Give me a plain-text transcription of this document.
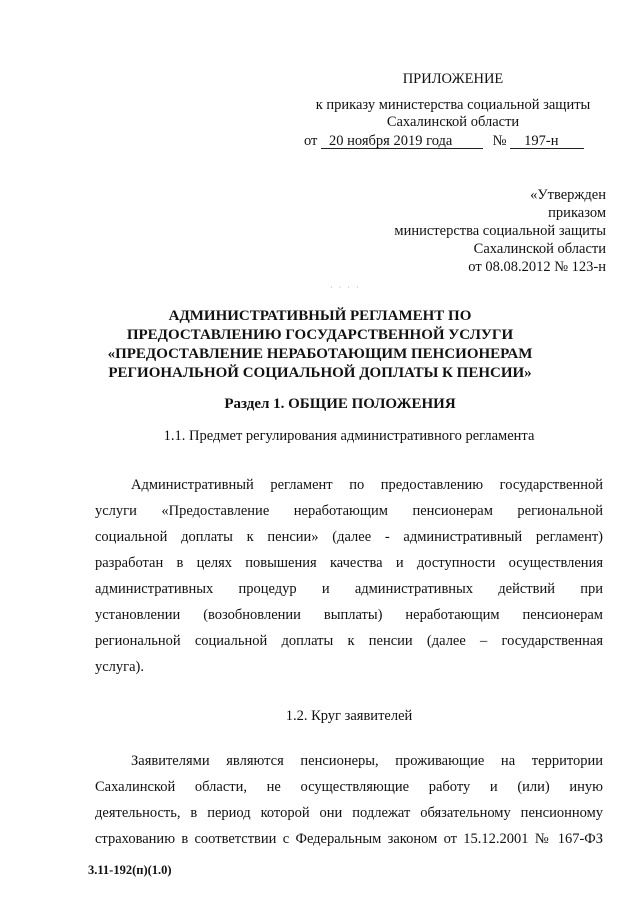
ПРИЛОЖЕНИЕ
к приказу министерства социальной защиты
Сахалинской области
от 20 ноября 2019 года	№ 197-н
«Утвержден
приказом
министерства социальной защиты
Сахалинской области
от 08.08.2012 № 123-н
· · · ·
АДМИНИСТРАТИВНЫЙ РЕГЛАМЕНТ ПО
ПРЕДОСТАВЛЕНИЮ ГОСУДАРСТВЕННОЙ УСЛУГИ
«ПРЕДОСТАВЛЕНИЕ НЕРАБОТАЮЩИМ ПЕНСИОНЕРАМ
РЕГИОНАЛЬНОЙ СОЦИАЛЬНОЙ ДОПЛАТЫ К ПЕНСИИ»
Раздел 1. ОБЩИЕ ПОЛОЖЕНИЯ
1.1. Предмет регулирования административного регламента
Административный регламент по предоставлению государственной
услуги «Предоставление неработающим пенсионерам региональной
социальной доплаты к пенсии» (далее - административный регламент)
разработан в целях повышения качества и доступности осуществления
административных процедур и административных действий при
установлении (возобновлении выплаты) неработающим пенсионерам
региональной социальной доплаты к пенсии (далее – государственная
услуга).
1.2. Круг заявителей
Заявителями являются пенсионеры, проживающие на территории
Сахалинской области, не осуществляющие работу и (или) иную
деятельность, в период которой они подлежат обязательному пенсионному
страхованию в соответствии с Федеральным законом от 15.12.2001 № 167-ФЗ
3.11-192(п)(1.0)
